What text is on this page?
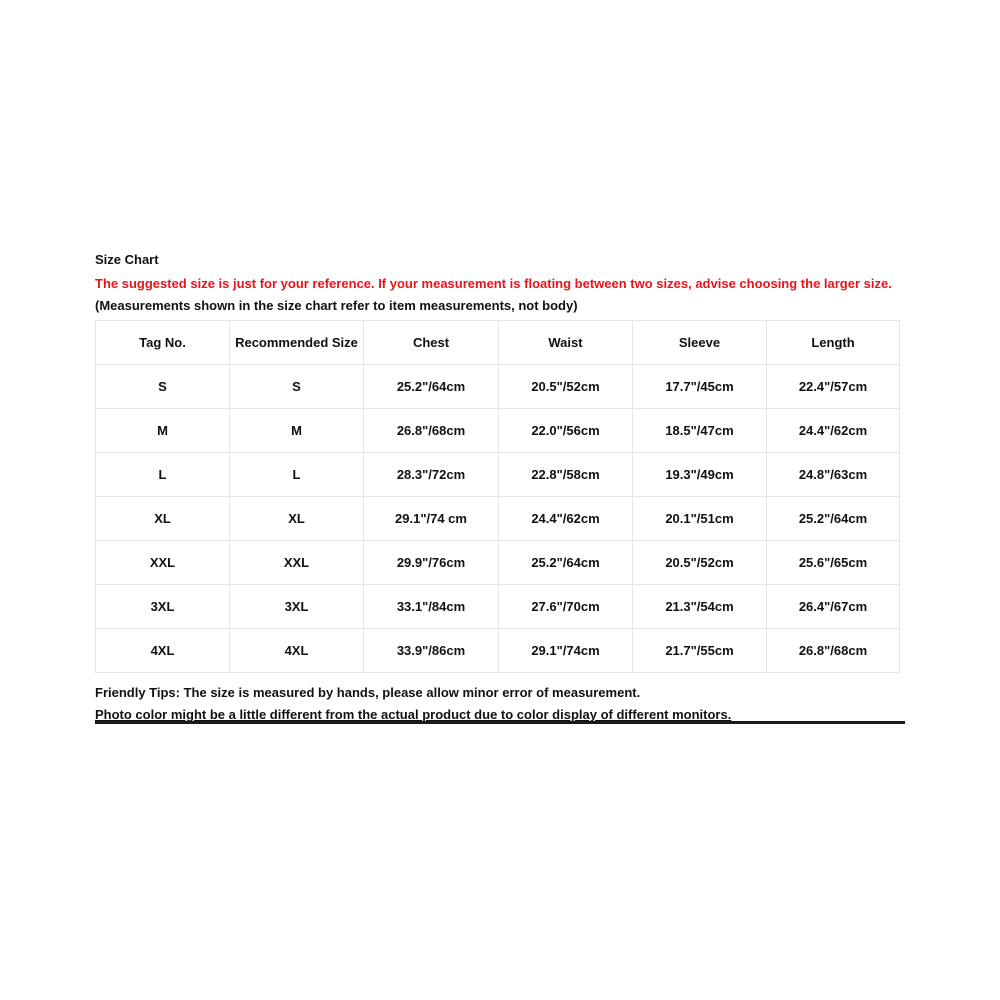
Size Chart
The suggested size is just for your reference. If your measurement is floating between two sizes, advise choosing the larger size.
(Measurements shown in the size chart refer to item measurements, not body)
Tag No.	Recommended Size	Chest	Waist	Sleeve	Length
S	S	25.2"/64cm	20.5"/52cm	17.7"/45cm	22.4"/57cm
M	M	26.8"/68cm	22.0"/56cm	18.5"/47cm	24.4"/62cm
L	L	28.3"/72cm	22.8"/58cm	19.3"/49cm	24.8"/63cm
XL	XL	29.1"/74 cm	24.4"/62cm	20.1"/51cm	25.2"/64cm
XXL	XXL	29.9"/76cm	25.2"/64cm	20.5"/52cm	25.6"/65cm
3XL	3XL	33.1"/84cm	27.6"/70cm	21.3"/54cm	26.4"/67cm
4XL	4XL	33.9"/86cm	29.1"/74cm	21.7"/55cm	26.8"/68cm
Friendly Tips: The size is measured by hands, please allow minor error of measurement.
Photo color might be a little different from the actual product due to color display of different monitors.
